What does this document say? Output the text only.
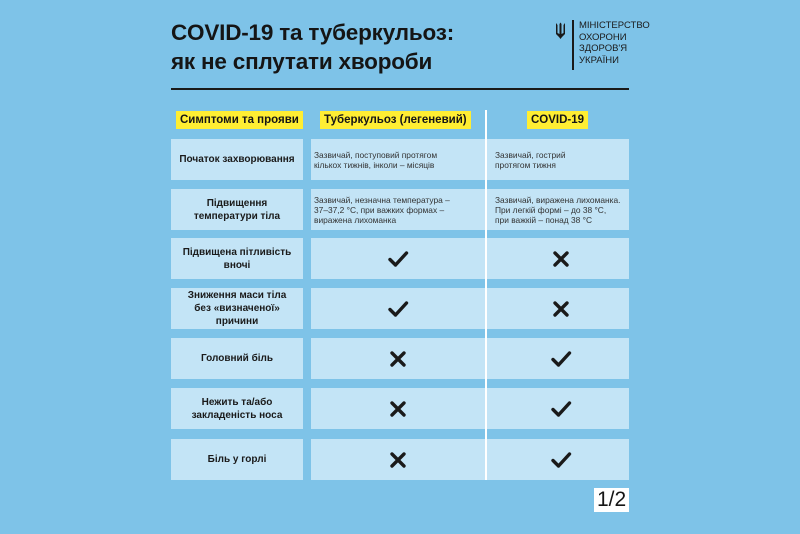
COVID-19 та туберкульоз:
як не сплутати хвороби
МІНІСТЕРСТВО
ОХОРОНИ
ЗДОРОВ'Я
УКРАЇНИ
Симптоми та прояви	Туберкульоз (легеневий)	COVID-19
Початок захворювання Зазвичай, поступовий протягом
кількох тижнів, інколи – місяців
Зазвичай, гострий
протягом тижня
Підвищення
температури тіла
Зазвичай, незначна температура –
37–37,2 °С, при важких формах –
виражена лихоманка
Зазвичай, виражена лихоманка.
При легкій формі – до 38 °С,
при важкій – понад 38 °С
Підвищена пітливість
вночі
Зниження маси тіла
без «визначеної» причини
Головний біль
Нежить та/або
закладеність носа
Біль у горлі
1/2
